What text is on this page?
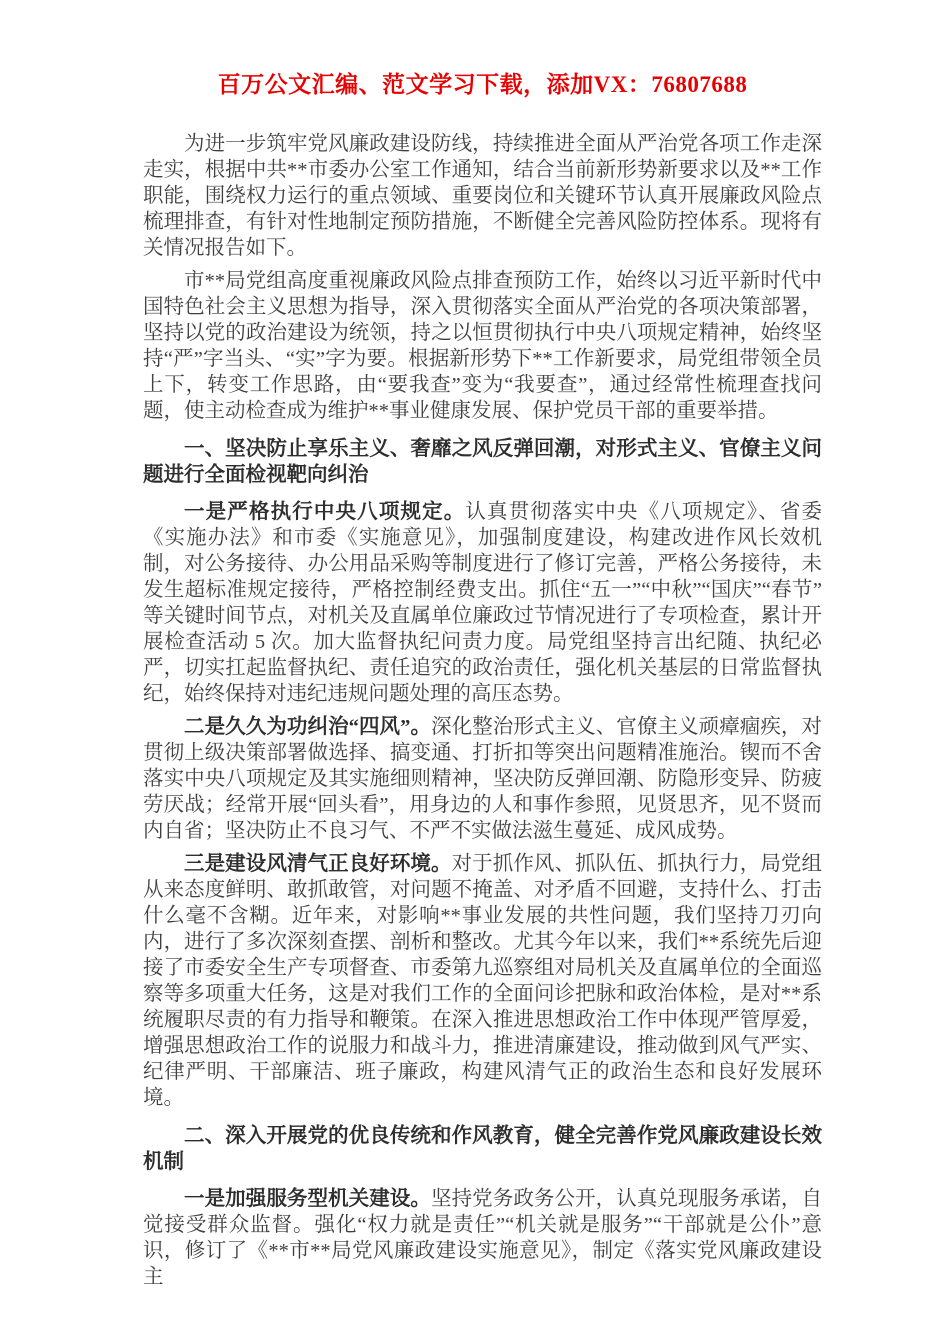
百万公文汇编、范文学习下载，添加VX：76807688

为进一步筑牢党风廉政建设防线，持续推进全面从严治党各项工作走深走实，根据中共**市委办公室工作通知，结合当前新形势新要求以及**工作职能，围绕权力运行的重点领域、重要岗位和关键环节认真开展廉政风险点梳理排查，有针对性地制定预防措施，不断健全完善风险防控体系。现将有关情况报告如下。

市**局党组高度重视廉政风险点排查预防工作，始终以习近平新时代中国特色社会主义思想为指导，深入贯彻落实全面从严治党的各项决策部署，坚持以党的政治建设为统领，持之以恒贯彻执行中央八项规定精神，始终坚持“严”字当头、“实”字为要。根据新形势下**工作新要求，局党组带领全员上下，转变工作思路，由“要我查”变为“我要查”，通过经常性梳理查找问题，使主动检查成为维护**事业健康发展、保护党员干部的重要举措。

一、坚决防止享乐主义、奢靡之风反弹回潮，对形式主义、官僚主义问题进行全面检视靶向纠治

一是严格执行中央八项规定。认真贯彻落实中央《八项规定》、省委《实施办法》和市委《实施意见》，加强制度建设，构建改进作风长效机制，对公务接待、办公用品采购等制度进行了修订完善，严格公务接待，未发生超标准规定接待，严格控制经费支出。抓住“五一”“中秋”“国庆”“春节”等关键时间节点，对机关及直属单位廉政过节情况进行了专项检查，累计开展检查活动 5 次。加大监督执纪问责力度。局党组坚持言出纪随、执纪必严，切实扛起监督执纪、责任追究的政治责任，强化机关基层的日常监督执纪，始终保持对违纪违规问题处理的高压态势。

二是久久为功纠治“四风”。深化整治形式主义、官僚主义顽瘴痼疾，对贯彻上级决策部署做选择、搞变通、打折扣等突出问题精准施治。锲而不舍落实中央八项规定及其实施细则精神，坚决防反弹回潮、防隐形变异、防疲劳厌战；经常开展“回头看”，用身边的人和事作参照，见贤思齐，见不贤而内自省；坚决防止不良习气、不严不实做法滋生蔓延、成风成势。

三是建设风清气正良好环境。对于抓作风、抓队伍、抓执行力，局党组从来态度鲜明、敢抓敢管，对问题不掩盖、对矛盾不回避，支持什么、打击什么毫不含糊。近年来，对影响**事业发展的共性问题，我们坚持刀刃向内，进行了多次深刻查摆、剖析和整改。尤其今年以来，我们**系统先后迎接了市委安全生产专项督查、市委第九巡察组对局机关及直属单位的全面巡察等多项重大任务，这是对我们工作的全面问诊把脉和政治体检，是对**系统履职尽责的有力指导和鞭策。在深入推进思想政治工作中体现严管厚爱，增强思想政治工作的说服力和战斗力，推进清廉建设，推动做到风气严实、纪律严明、干部廉洁、班子廉政，构建风清气正的政治生态和良好发展环境。

二、深入开展党的优良传统和作风教育，健全完善作党风廉政建设长效机制

一是加强服务型机关建设。坚持党务政务公开，认真兑现服务承诺，自觉接受群众监督。强化“权力就是责任”“机关就是服务”“干部就是公仆”意识，修订了《**市**局党风廉政建设实施意见》，制定《落实党风廉政建设主
